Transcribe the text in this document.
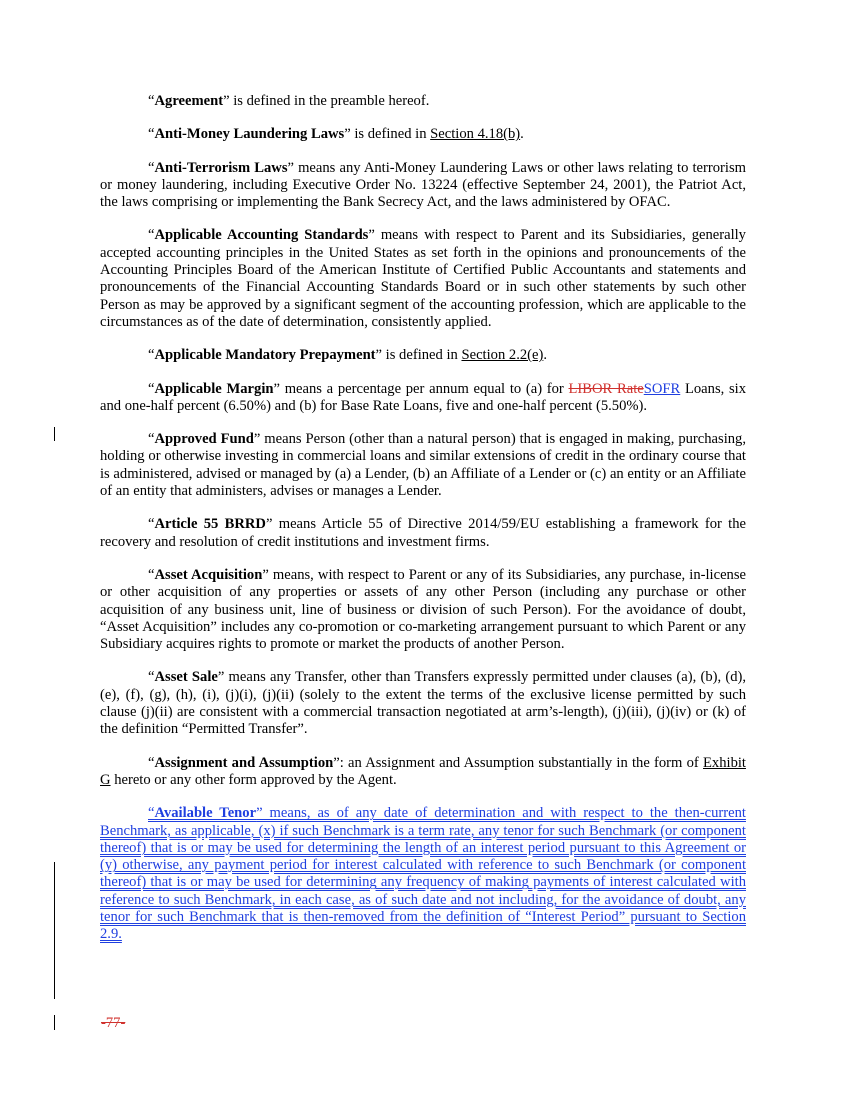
“Agreement” is defined in the preamble hereof.

“Anti-Money Laundering Laws” is defined in Section 4.18(b).

“Anti-Terrorism Laws” means any Anti-Money Laundering Laws or other laws relating to terrorism or money laundering, including Executive Order No. 13224 (effective September 24, 2001), the Patriot Act, the laws comprising or implementing the Bank Secrecy Act, and the laws administered by OFAC.

“Applicable Accounting Standards” means with respect to Parent and its Subsidiaries, generally accepted accounting principles in the United States as set forth in the opinions and pronouncements of the Accounting Principles Board of the American Institute of Certified Public Accountants and statements and pronouncements of the Financial Accounting Standards Board or in such other statements by such other Person as may be approved by a significant segment of the accounting profession, which are applicable to the circumstances as of the date of determination, consistently applied.

“Applicable Mandatory Prepayment” is defined in Section 2.2(e).

“Applicable Margin” means a percentage per annum equal to (a) for LIBOR RateSOFR Loans, six and one-half percent (6.50%) and (b) for Base Rate Loans, five and one-half percent (5.50%).

“Approved Fund” means Person (other than a natural person) that is engaged in making, purchasing, holding or otherwise investing in commercial loans and similar extensions of credit in the ordinary course that is administered, advised or managed by (a) a Lender, (b) an Affiliate of a Lender or (c) an entity or an Affiliate of an entity that administers, advises or manages a Lender.

“Article 55 BRRD” means Article 55 of Directive 2014/59/EU establishing a framework for the recovery and resolution of credit institutions and investment firms.

“Asset Acquisition” means, with respect to Parent or any of its Subsidiaries, any purchase, in-license or other acquisition of any properties or assets of any other Person (including any purchase or other acquisition of any business unit, line of business or division of such Person). For the avoidance of doubt, “Asset Acquisition” includes any co-promotion or co-marketing arrangement pursuant to which Parent or any Subsidiary acquires rights to promote or market the products of another Person.

“Asset Sale” means any Transfer, other than Transfers expressly permitted under clauses (a), (b), (d), (e), (f), (g), (h), (i), (j)(i), (j)(ii) (solely to the extent the terms of the exclusive license permitted by such clause (j)(ii) are consistent with a commercial transaction negotiated at arm’s-length), (j)(iii), (j)(iv) or (k) of the definition “Permitted Transfer”.

“Assignment and Assumption”: an Assignment and Assumption substantially in the form of Exhibit G hereto or any other form approved by the Agent.

“Available Tenor” means, as of any date of determination and with respect to the then-current Benchmark, as applicable, (x) if such Benchmark is a term rate, any tenor for such Benchmark (or component thereof) that is or may be used for determining the length of an interest period pursuant to this Agreement or (y) otherwise, any payment period for interest calculated with reference to such Benchmark (or component thereof) that is or may be used for determining any frequency of making payments of interest calculated with reference to such Benchmark, in each case, as of such date and not including, for the avoidance of doubt, any tenor for such Benchmark that is then-removed from the definition of “Interest Period” pursuant to Section 2.9.

-77-
